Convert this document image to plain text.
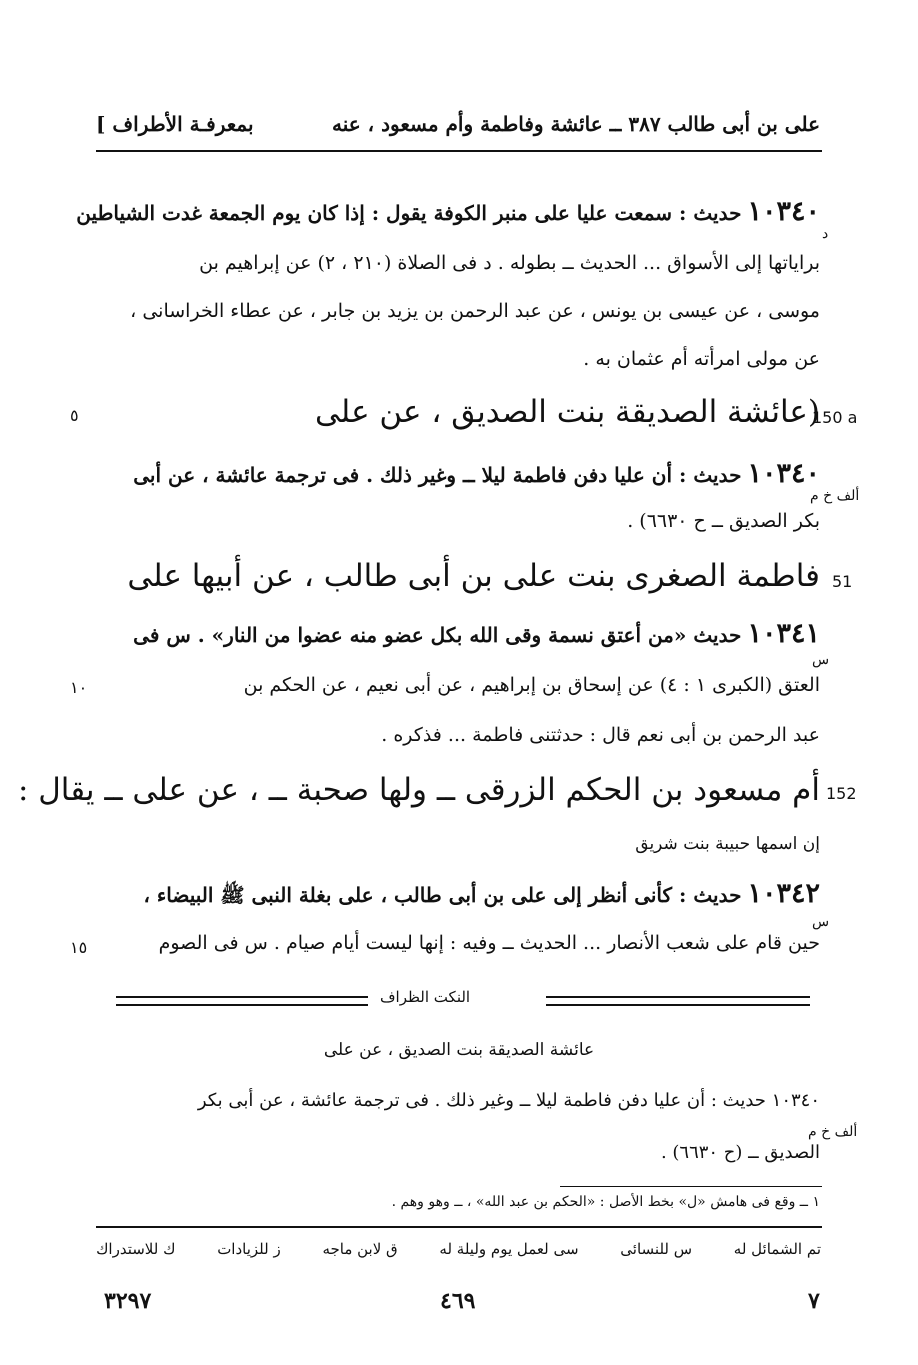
على بن أبى طالب ٣٨٧ ــ عائشة وفاطمة وأم مسعود ، عنه
بمعرفـة الأطراف ]
١٠٣٤٠ حديث : سمعت عليا على منبر الكوفة يقول : إذا كان يوم الجمعة غدت الشياطين
د
براياتها إلى الأسواق ... الحديث ــ بطوله . د فى الصلاة (٢١٠ ، ٢) عن إبراهيم بن
موسى ، عن عيسى بن يونس ، عن عبد الرحمن بن يزيد بن جابر ، عن عطاء الخراسانى ،
عن مولى امرأته أم عثمان به .
٥	(عائشة الصديقة بنت الصديق ، عن على
150 a
١٠٣٤٠ حديث : أن عليا دفن فاطمة ليلا ــ وغير ذلك . فى ترجمة عائشة ، عن أبى
ألف خ م
بكر الصديق ــ ح ٦٦٣٠) .
فاطمة الصغرى بنت على بن أبى طالب ، عن أبيها على 51
١٠٣٤١ حديث «من أعتق نسمة وقى الله بكل عضو منه عضوا من النار» . س فى
س
العتق (الكبرى ١ : ٤) عن إسحاق بن إبراهيم ، عن أبى نعيم ، عن الحكم بن
١٠
عبد الرحمن بن أبى نعم قال : حدثتنى فاطمة ... فذكره .
أم مسعود بن الحكم الزرقى ــ ولها صحبة ــ ، عن على ــ يقال : 152
إن اسمها حبيبة بنت شريق
١٠٣٤٢ حديث : كأنى أنظر إلى على بن أبى طالب ، على بغلة النبى ﷺ البيضاء ،
س
حين قام على شعب الأنصار ... الحديث ــ وفيه : إنها ليست أيام صيام . س فى الصوم
١٥
النكت الظراف
عائشة الصديقة بنت الصديق ، عن على
١٠٣٤٠ حديث : أن عليا دفن فاطمة ليلا ــ وغير ذلك . فى ترجمة عائشة ، عن أبى بكر
ألف خ م
الصديق ــ (ح ٦٦٣٠) .
١ ــ وقع فى هامش «ل» بخط الأصل : «الحكم بن عبد الله» ، ــ وهو وهم .
تم الشمائل له
س للنسائى
سى لعمل يوم وليلة له
ق لابن ماجه
ز للزيادات
ك للاستدراك
٧
٤٦٩
٣٢٩٧
